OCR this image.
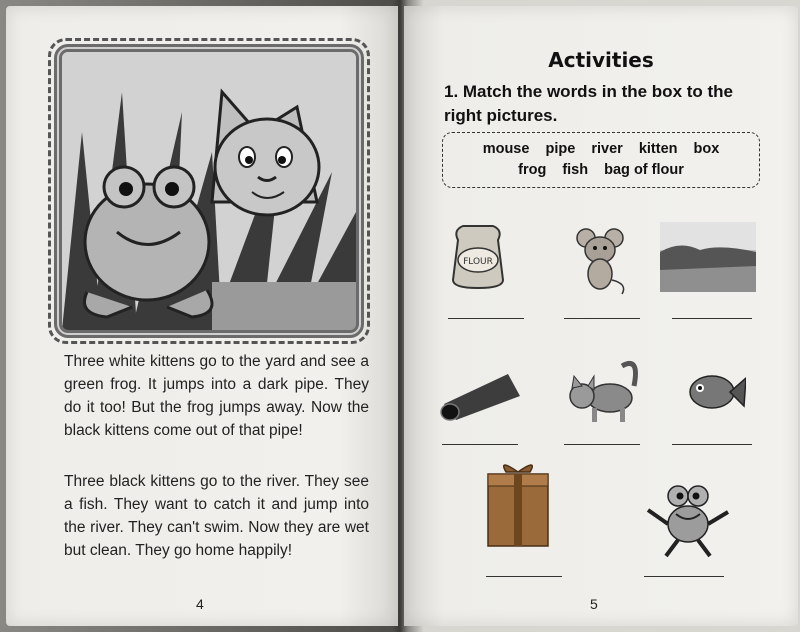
Three white kittens go to the yard and see a green frog. It jumps into a dark pipe. They do it too! But the frog jumps away. Now the black kittens come out of that pipe!

Three black kittens go to the river. They see a fish. They want to catch it and jump into the river. They can't swim. Now they are wet but clean. They go home happily!

4

Activities

1. Match the words in the box to the right pictures.

mouse pipe river kitten box
frog fish bag of flour
FLOUR

5
